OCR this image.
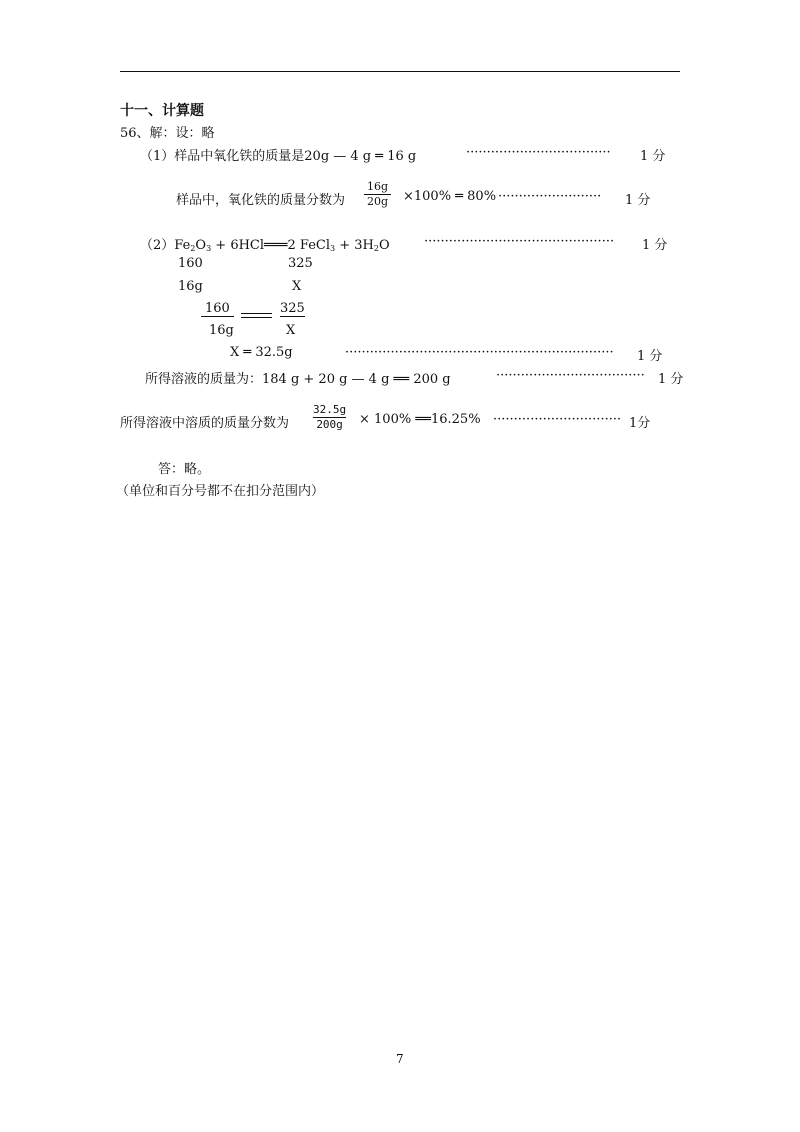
十一、计算题
56、解：设：略
（1）样品中氧化铁的质量是20g — 4 g ═ 16 g	··································· 1 分
样品中，氧化铁的质量分数为 $\frac{16g}{20g} \times 100\%$ ═ 80% ························· 1 分
$(2)Fe_2O_3$ + 6HCl═══2 FeCl$_3$ + $3H_2O$	·············································· 1 分
160	325
16g	X
160
16g
325
X
X ═ 32.5g	································································· 1 分
所得溶液的质量为：184 g + 20 g — 4 g ══ 200 g	···································· 1 分
所得溶液中溶质的质量分数为 $\frac{32.5g}{200g} \times 100\%$ ══16.25% ······························· 1分
答：略。
（单位和百分号都不在扣分范围内）
7
